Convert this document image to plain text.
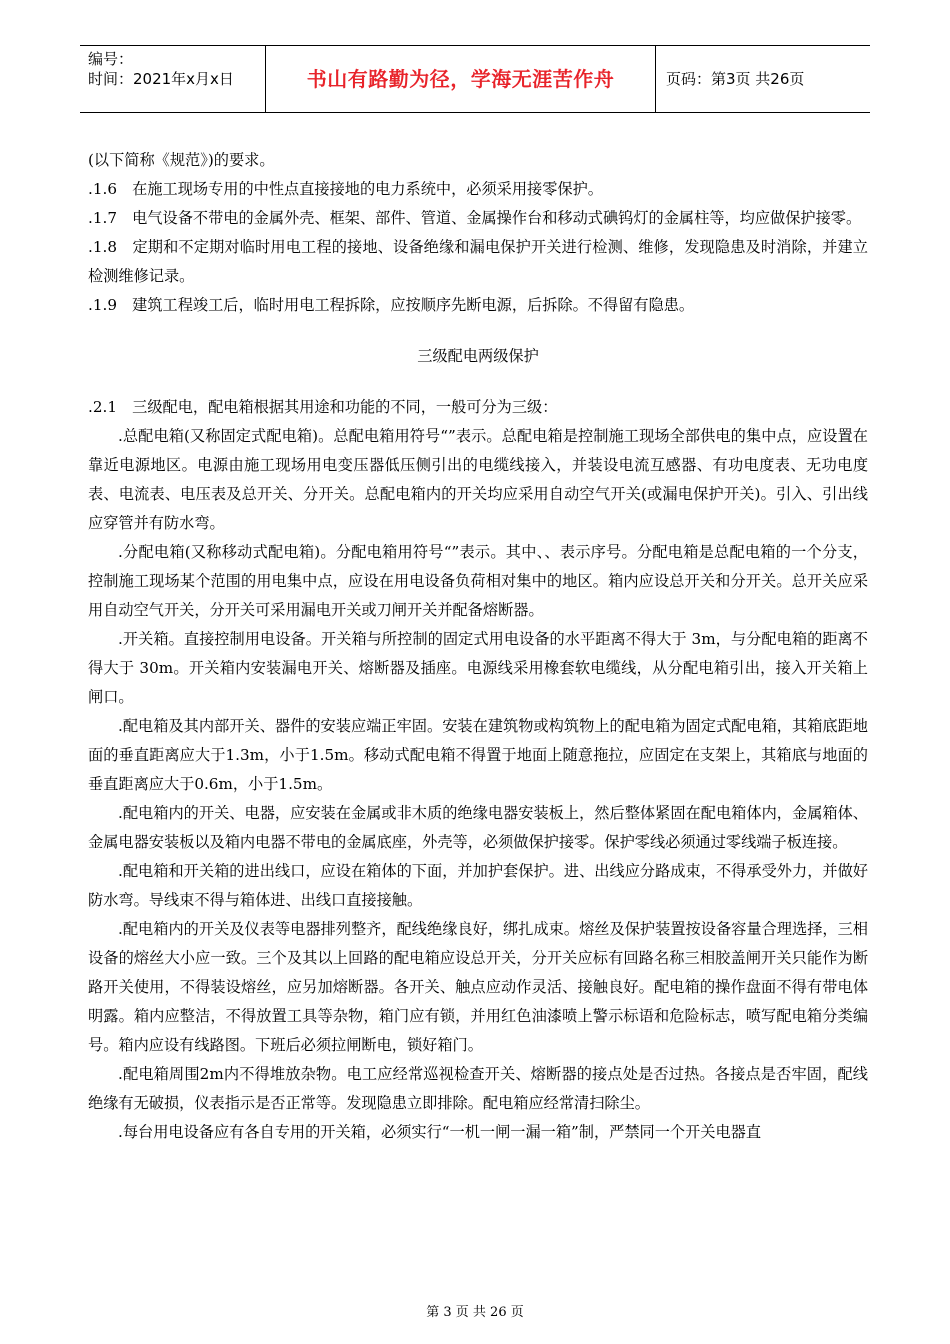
编号：
时间：2021年x月x日	书山有路勤为径，学海无涯苦作舟	页码：第3页 共26页

(以下简称《规范》)的要求。

.1.6　在施工现场专用的中性点直接接地的电力系统中，必须采用接零保护。

.1.7　电气设备不带电的金属外壳、框架、部件、管道、金属操作台和移动式碘钨灯的金属柱等，均应做保护接零。

.1.8　定期和不定期对临时用电工程的接地、设备绝缘和漏电保护开关进行检测、维修，发现隐患及时消除，并建立检测维修记录。

.1.9　建筑工程竣工后，临时用电工程拆除，应按顺序先断电源，后拆除。不得留有隐患。

三级配电两级保护

.2.1　三级配电，配电箱根据其用途和功能的不同，一般可分为三级：

.总配电箱(又称固定式配电箱)。总配电箱用符号“”表示。总配电箱是控制施工现场全部供电的集中点，应设置在靠近电源地区。电源由施工现场用电变压器低压侧引出的电缆线接入，并装设电流互感器、有功电度表、无功电度表、电流表、电压表及总开关、分开关。总配电箱内的开关均应采用自动空气开关(或漏电保护开关)。引入、引出线应穿管并有防水弯。

.分配电箱(又称移动式配电箱)。分配电箱用符号“”表示。其中、、表示序号。分配电箱是总配电箱的一个分支，控制施工现场某个范围的用电集中点，应设在用电设备负荷相对集中的地区。箱内应设总开关和分开关。总开关应采用自动空气开关，分开关可采用漏电开关或刀闸开关并配备熔断器。

.开关箱。直接控制用电设备。开关箱与所控制的固定式用电设备的水平距离不得大于 3m，与分配电箱的距离不得大于 30m。开关箱内安装漏电开关、熔断器及插座。电源线采用橡套软电缆线，从分配电箱引出，接入开关箱上闸口。

.配电箱及其内部开关、器件的安装应端正牢固。安装在建筑物或构筑物上的配电箱为固定式配电箱，其箱底距地面的垂直距离应大于1.3m，小于1.5m。移动式配电箱不得置于地面上随意拖拉，应固定在支架上，其箱底与地面的垂直距离应大于0.6m，小于1.5m。

.配电箱内的开关、电器，应安装在金属或非木质的绝缘电器安装板上，然后整体紧固在配电箱体内，金属箱体、金属电器安装板以及箱内电器不带电的金属底座，外壳等，必须做保护接零。保护零线必须通过零线端子板连接。

.配电箱和开关箱的进出线口，应设在箱体的下面，并加护套保护。进、出线应分路成束，不得承受外力，并做好防水弯。导线束不得与箱体进、出线口直接接触。

.配电箱内的开关及仪表等电器排列整齐，配线绝缘良好，绑扎成束。熔丝及保护装置按设备容量合理选择，三相设备的熔丝大小应一致。三个及其以上回路的配电箱应设总开关，分开关应标有回路名称三相胶盖闸开关只能作为断路开关使用，不得装设熔丝，应另加熔断器。各开关、触点应动作灵活、接触良好。配电箱的操作盘面不得有带电体明露。箱内应整洁，不得放置工具等杂物，箱门应有锁，并用红色油漆喷上警示标语和危险标志，喷写配电箱分类编号。箱内应设有线路图。下班后必须拉闸断电，锁好箱门。

.配电箱周围2m内不得堆放杂物。电工应经常巡视检查开关、熔断器的接点处是否过热。各接点是否牢固，配线绝缘有无破损，仪表指示是否正常等。发现隐患立即排除。配电箱应经常清扫除尘。

.每台用电设备应有各自专用的开关箱，必须实行“一机一闸一漏一箱”制，严禁同一个开关电器直

第 3 页 共 26 页
